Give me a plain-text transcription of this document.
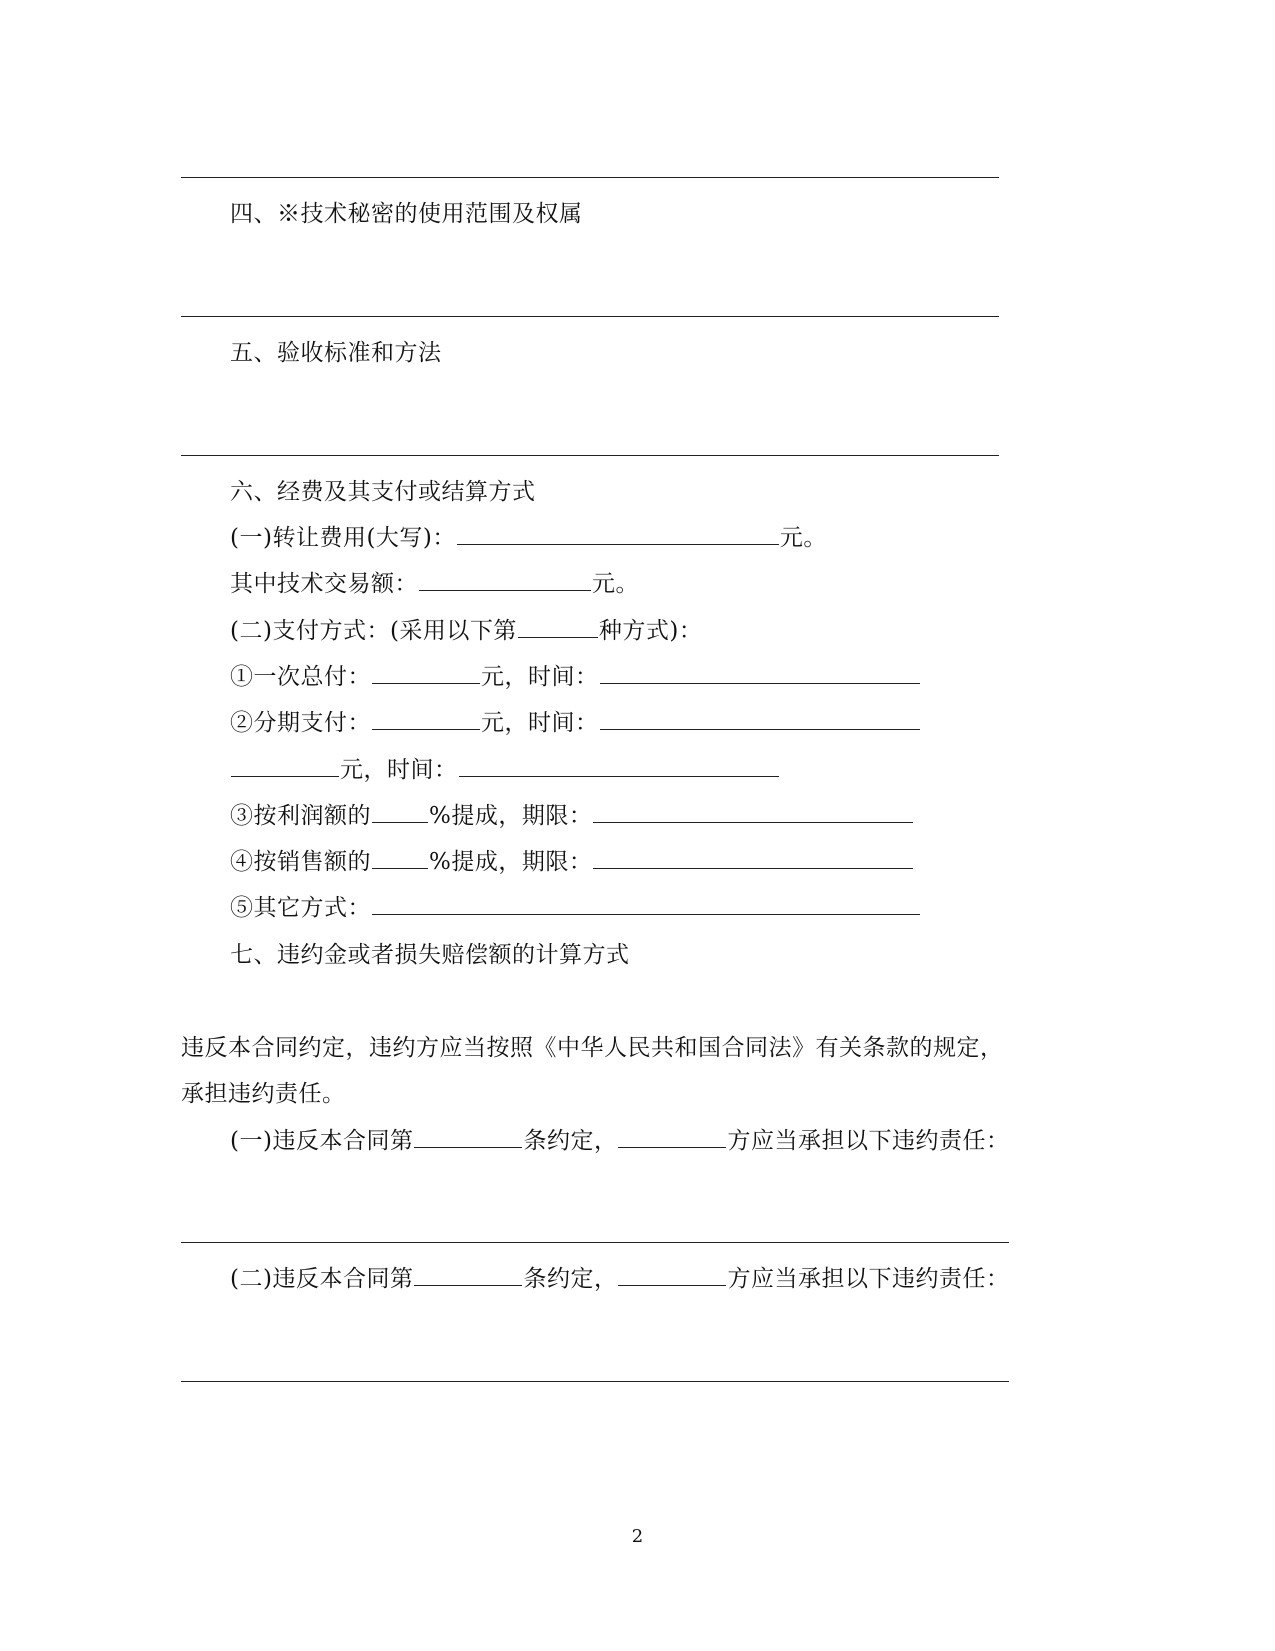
四、※技术秘密的使用范围及权属
五、验收标准和方法
六、经费及其支付或结算方式
(一)转让费用(大写)：	元。
其中技术交易额：	元。
(二)支付方式：(采用以下第	种方式)：
①一次总付：	元，时间：
②分期支付：	元，时间：
元，时间：
③按利润额的	%提成，期限：
④按销售额的	%提成，期限：
⑤其它方式：
七、违约金或者损失赔偿额的计算方式
违反本合同约定，违约方应当按照《中华人民共和国合同法》有关条款的规定，
承担违约责任。
(一)违反本合同第	条约定，	方应当承担以下违约责任：
(二)违反本合同第	条约定，	方应当承担以下违约责任：
2
